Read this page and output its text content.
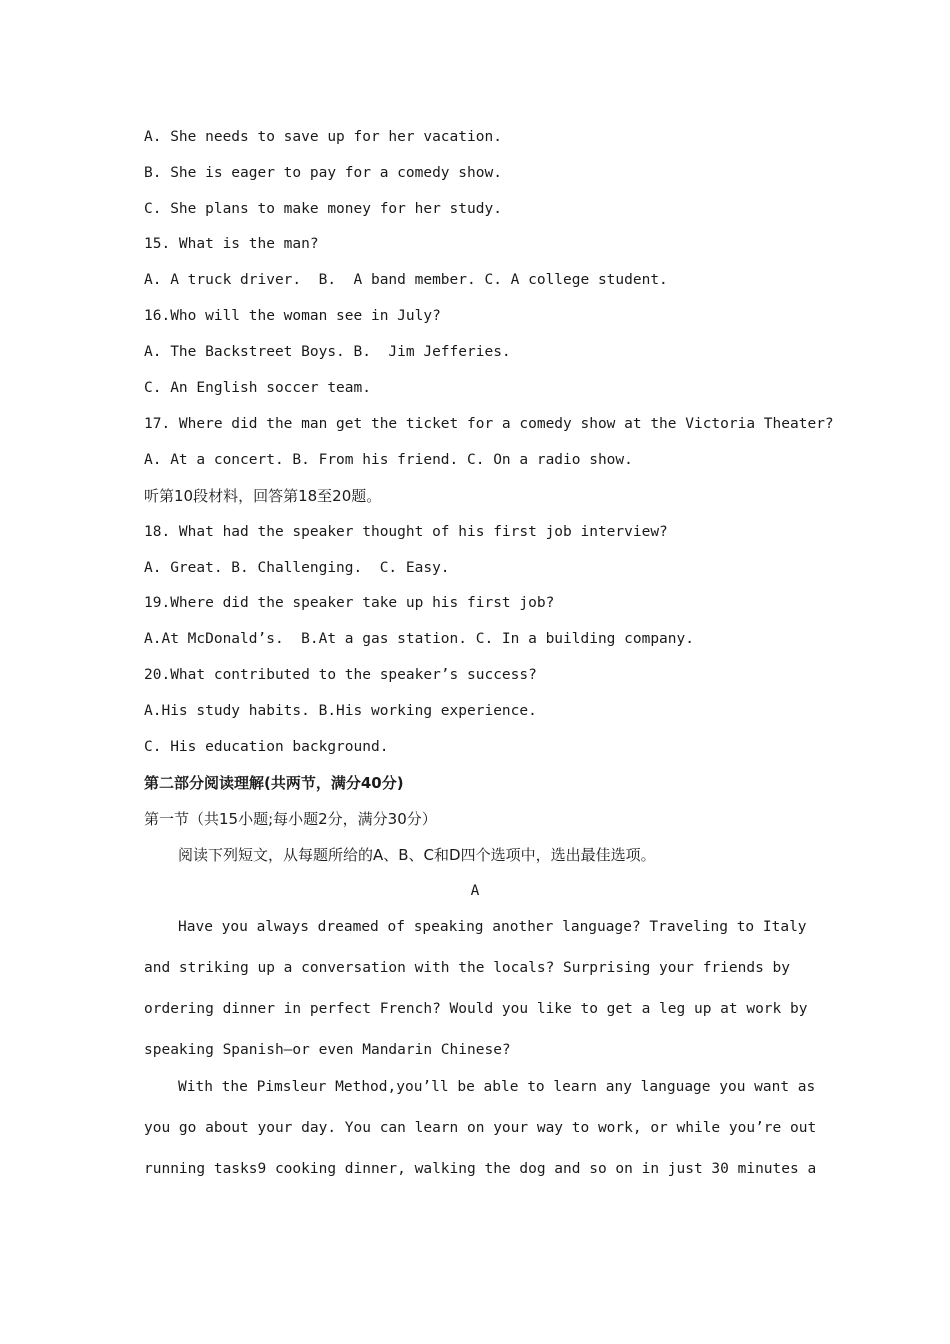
A. She needs to save up for her vacation.
B. She is eager to pay for a comedy show.
C. She plans to make money for her study.
15. What is the man?
A. A truck driver.  B.  A band member. C. A college student.
16.Who will the woman see in July?
A. The Backstreet Boys. B.  Jim Jefferies.
C. An English soccer team.
17. Where did the man get the ticket for a comedy show at the Victoria Theater?
A. At a concert. B. From his friend. C. On a radio show.
听第10段材料，回答第18至20题。
18. What had the speaker thought of his first job interview?
A. Great. B. Challenging.  C. Easy.
19.Where did the speaker take up his first job?
A.At McDonald’s.  B.At a gas station. C. In a building company.
20.What contributed to the speaker’s success?
A.His study habits. B.His working experience.
C. His education background.
第二部分阅读理解(共两节，满分40分)
第一节（共15小题;每小题2分，满分30分）
阅读下列短文，从每题所给的A、B、C和D四个选项中，选出最佳选项。
A
Have you always dreamed of speaking another language? Traveling to Italy
and striking up a conversation with the locals? Surprising your friends by
ordering dinner in perfect French? Would you like to get a leg up at work by
speaking Spanish—or even Mandarin Chinese?
With the Pimsleur Method,you’ll be able to learn any language you want as
you go about your day. You can learn on your way to work, or while you’re out
running tasks9 cooking dinner, walking the dog and so on in just 30 minutes a
